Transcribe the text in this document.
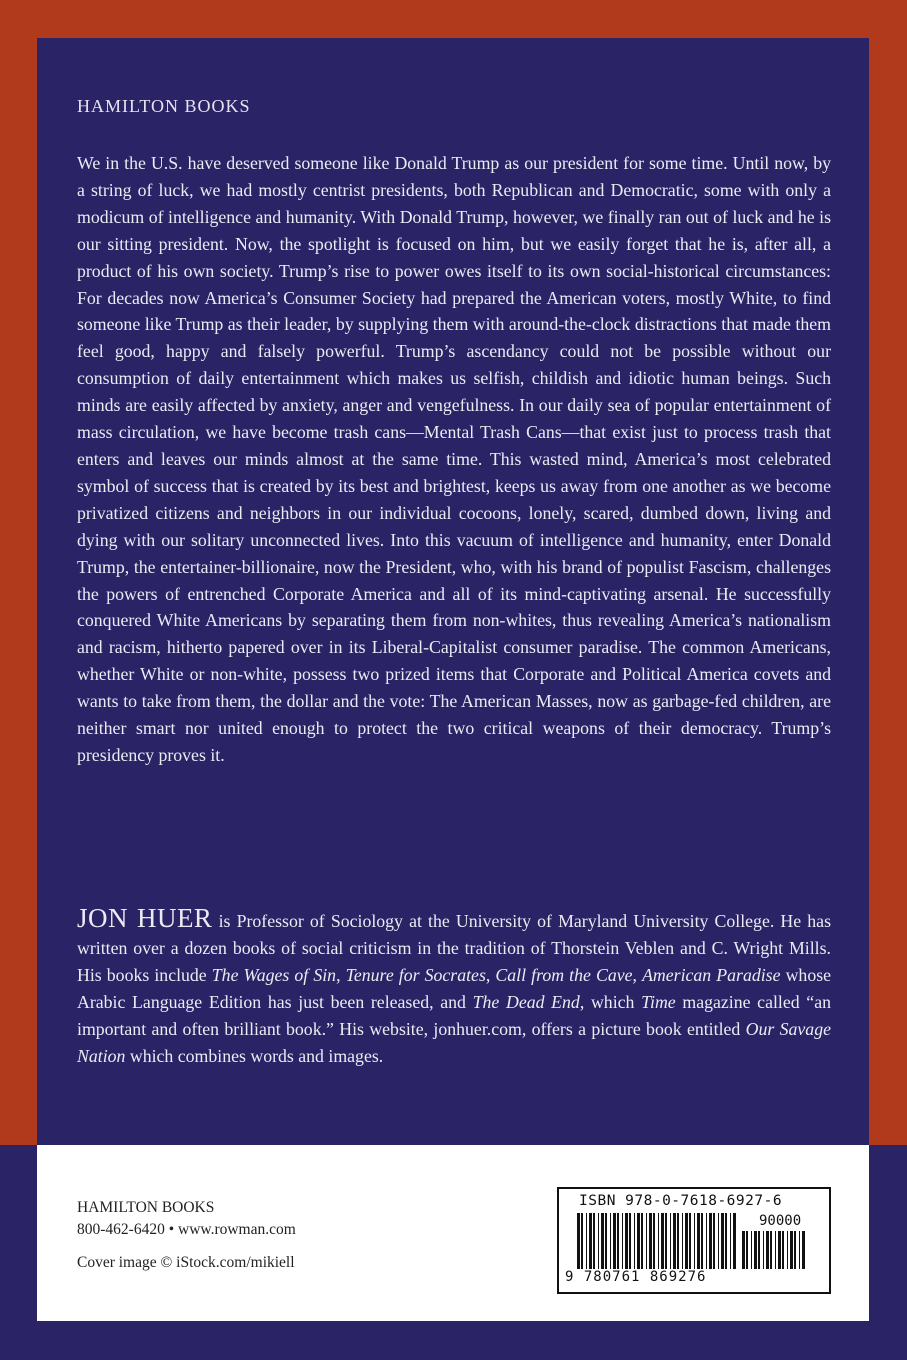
HAMILTON BOOKS

We in the U.S. have deserved someone like Donald Trump as our president for some time. Until now, by a string of luck, we had mostly centrist presidents, both Republican and Democratic, some with only a modicum of intelligence and humanity. With Donald Trump, however, we finally ran out of luck and he is our sitting president. Now, the spotlight is focused on him, but we easily forget that he is, after all, a product of his own society. Trump’s rise to power owes itself to its own social-historical circumstances: For decades now America’s Consumer Society had prepared the American voters, mostly White, to find someone like Trump as their leader, by supplying them with around-the-clock distractions that made them feel good, happy and falsely powerful. Trump’s ascendancy could not be possible without our consumption of daily entertainment which makes us selfish, childish and idiotic human beings. Such minds are easily affected by anxiety, anger and vengefulness. In our daily sea of popular entertainment of mass circulation, we have become trash cans—Mental Trash Cans—that exist just to process trash that enters and leaves our minds almost at the same time. This wasted mind, America’s most celebrated symbol of success that is created by its best and brightest, keeps us away from one another as we become privatized citizens and neighbors in our individual cocoons, lonely, scared, dumbed down, living and dying with our solitary unconnected lives. Into this vacuum of intelligence and humanity, enter Donald Trump, the entertainer-billionaire, now the President, who, with his brand of populist Fascism, challenges the powers of entrenched Corporate America and all of its mind-captivating arsenal. He successfully conquered White Americans by separating them from non-whites, thus revealing America’s nationalism and racism, hitherto papered over in its Liberal-Capitalist consumer paradise. The common Americans, whether White or non-white, possess two prized items that Corporate and Political America covets and wants to take from them, the dollar and the vote: The American Masses, now as garbage-fed children, are neither smart nor united enough to protect the two critical weapons of their democracy. Trump’s presidency proves it.

JON HUER is Professor of Sociology at the University of Maryland University College. He has written over a dozen books of social criticism in the tradition of Thorstein Veblen and C. Wright Mills. His books include The Wages of Sin, Tenure for Socrates, Call from the Cave, American Paradise whose Arabic Language Edition has just been released, and The Dead End, which Time magazine called “an important and often brilliant book.” His website, jonhuer.com, offers a picture book entitled Our Savage Nation which combines words and images.

HAMILTON BOOKS
800-462-6420 • www.rowman.com
Cover image © iStock.com/mikiell
ISBN 978-0-7618-6927-6
90000
9 780761 869276
